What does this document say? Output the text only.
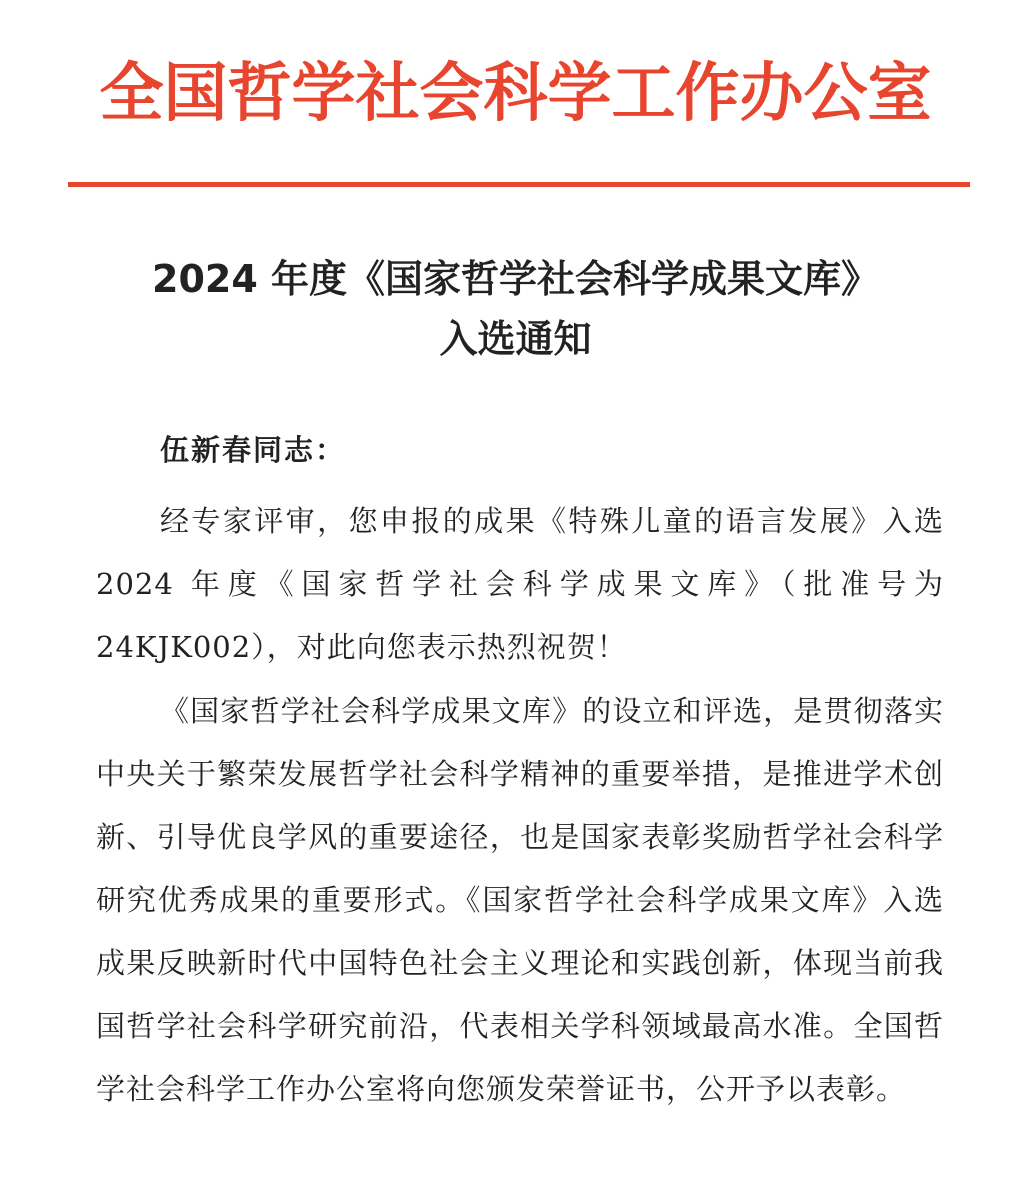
全国哲学社会科学工作办公室
2024 年度《国家哲学社会科学成果文库》
入选通知
伍新春同志：

经专家评审，您申报的成果《特殊儿童的语言发展》入选 2024 年度《国家哲学社会科学成果文库》（批准号为 24KJK002），对此向您表示热烈祝贺！

《国家哲学社会科学成果文库》的设立和评选，是贯彻落实中央关于繁荣发展哲学社会科学精神的重要举措，是推进学术创新、引导优良学风的重要途径，也是国家表彰奖励哲学社会科学研究优秀成果的重要形式。《国家哲学社会科学成果文库》入选成果反映新时代中国特色社会主义理论和实践创新，体现当前我国哲学社会科学研究前沿，代表相关学科领域最高水准。全国哲学社会科学工作办公室将向您颁发荣誉证书，公开予以表彰。
